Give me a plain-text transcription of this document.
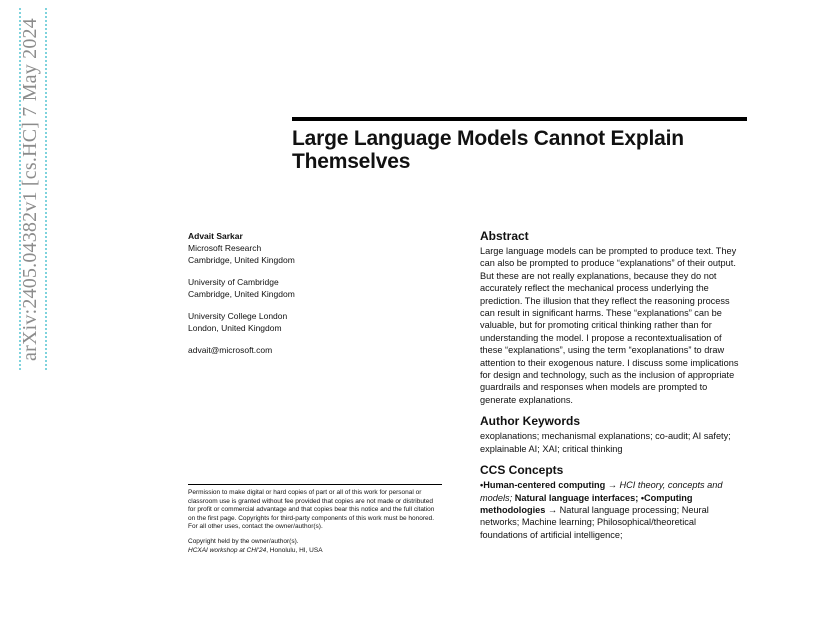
arXiv:2405.04382v1 [cs.HC] 7 May 2024	Large Language Models Cannot Explain Themselves
Advait Sarkar
Microsoft Research
Cambridge, United Kingdom
University of Cambridge
Cambridge, United Kingdom
University College London
London, United Kingdom
advait@microsoft.com
Permission to make digital or hard copies of part or all of this work for personal or classroom use is granted without fee provided that copies are not made or distributed for profit or commercial advantage and that copies bear this notice and the full citation on the first page. Copyrights for third-party components of this work must be honored. For all other uses, contact the owner/author(s).
Copyright held by the owner/author(s).
HCXAI workshop at CHI'24, Honolulu, HI, USA
Abstract

Large language models can be prompted to produce text. They can also be prompted to produce “explanations” of their output. But these are not really explanations, because they do not accurately reflect the mechanical process underlying the prediction. The illusion that they reflect the reasoning process can result in significant harms. These “explanations” can be valuable, but for promoting critical thinking rather than for understanding the model. I propose a recontextualisation of these “explanations”, using the term “exoplanations” to draw attention to their exogenous nature. I discuss some implications for design and technology, such as the inclusion of appropriate guardrails and responses when models are prompted to generate explanations.

Author Keywords

exoplanations; mechanismal explanations; co-audit; AI safety; explainable AI; XAI; critical thinking

CCS Concepts

•Human-centered computing → HCI theory, concepts and models; Natural language interfaces; •Computing methodologies → Natural language processing; Neural networks; Machine learning; Philosophical/theoretical foundations of artificial intelligence;
